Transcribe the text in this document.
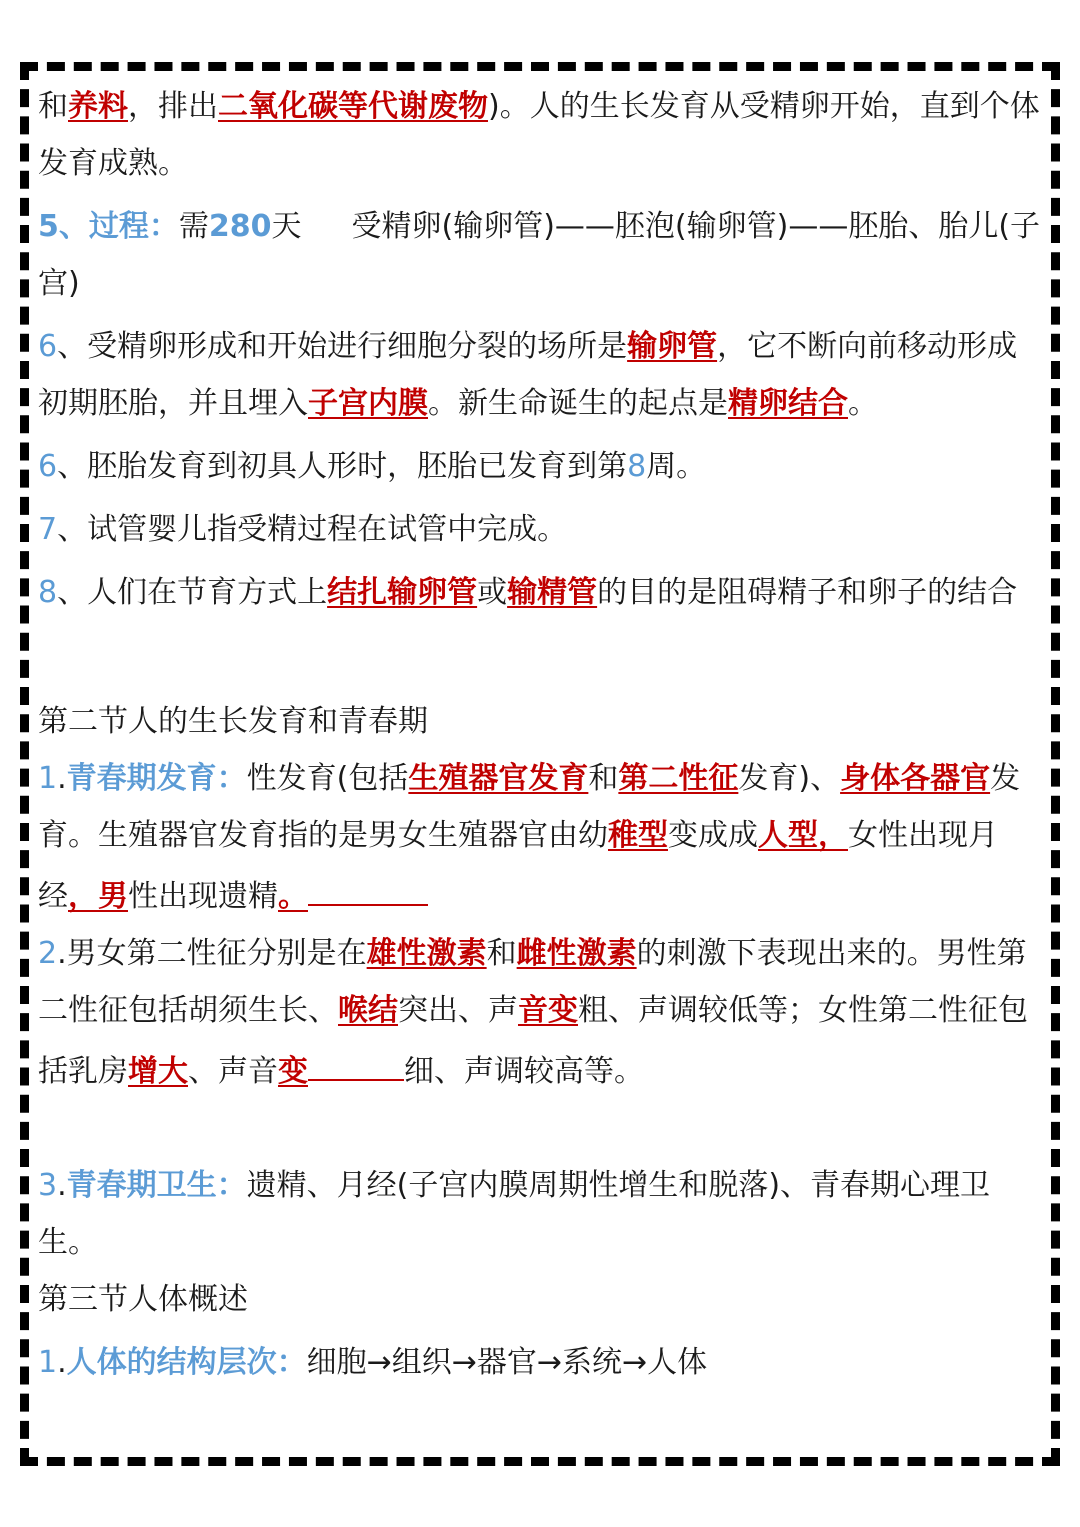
和养料，排出二氧化碳等代谢废物)。人的生长发育从受精卵开始，直到个体发育成熟。

5、过程：需280天 受精卵(输卵管)——胚泡(输卵管)——胚胎、胎儿(子宫)

6、受精卵形成和开始进行细胞分裂的场所是输卵管，它不断向前移动形成初期胚胎，并且埋入子宫内膜。新生命诞生的起点是精卵结合。

6、胚胎发育到初具人形时，胚胎已发育到第8周。

7、试管婴儿指受精过程在试管中完成。

8、人们在节育方式上结扎输卵管或输精管的目的是阻碍精子和卵子的结合

第二节人的生长发育和青春期

1.青春期发育：性发育(包括生殖器官发育和第二性征发育)、身体各器官发育。生殖器官发育指的是男女生殖器官由幼稚型变成成人型，女性出现月经，男性出现遗精。

2.男女第二性征分别是在雄性激素和雌性激素的刺激下表现出来的。男性第二性征包括胡须生长、喉结突出、声音变粗、声调较低等；女性第二性征包括乳房增大、声音变	细、声调较高等。

3.青春期卫生：遗精、月经(子宫内膜周期性增生和脱落)、青春期心理卫生。

第三节人体概述

1.人体的结构层次：细胞→组织→器官→系统→人体
